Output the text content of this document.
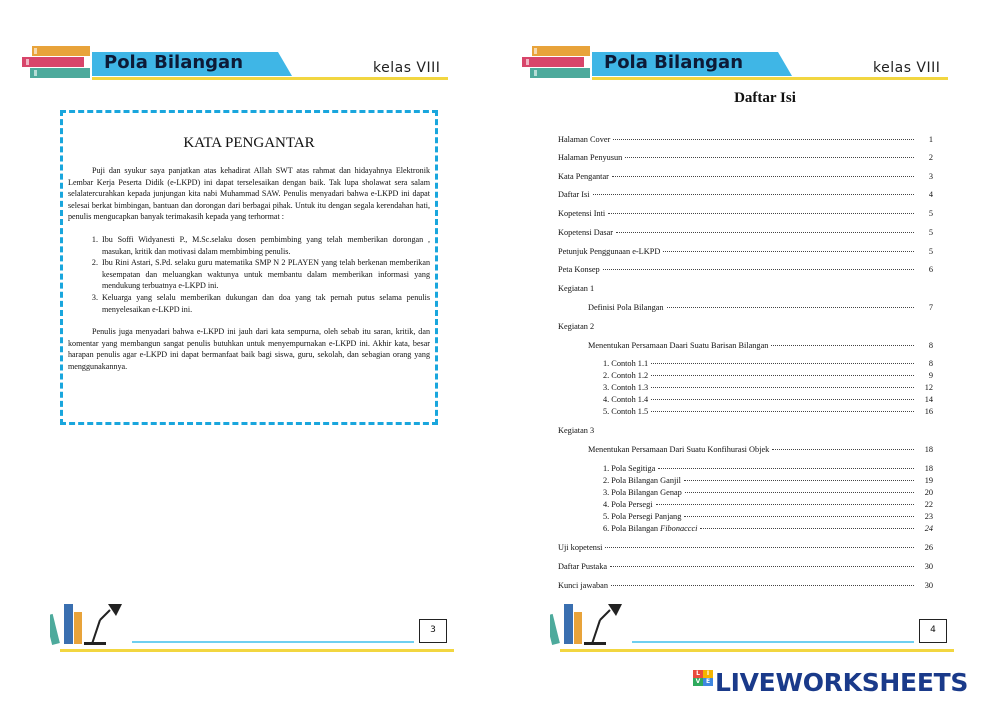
Pola Bilangan	kelas VIII
KATA PENGANTAR

Puji dan syukur saya panjatkan atas kehadirat Allah SWT atas rahmat dan hidayahnya Elektronik Lembar Kerja Peserta Didik (e-LKPD) ini dapat terselesaikan dengan baik. Tak lupa sholawat sera salam selalatercurahkan kepada junjungan kita nabi Muhammad SAW. Penulis menyadari bahwa e-LKPD ini dapat selesai berkat bimbingan, bantuan dan dorongan dari berbagai pihak. Untuk itu dengan segala kerendahan hati, penulis mengucapkan banyak terimakasih kepada yang terhormat :

1. Ibu Soffi Widyanesti P., M.Sc.selaku dosen pembimbing yang telah memberikan dorongan , masukan, kritik dan motivasi dalam membimbing penulis.
2. Ibu Rini Astari, S.Pd. selaku guru matematika SMP N 2 PLAYEN yang telah berkenan memberikan kesempatan dan meluangkan waktunya untuk membantu dalam memberikan informasi yang mendukung terbuatnya e-LKPD ini.
3. Keluarga yang selalu memberikan dukungan dan doa yang tak pernah putus selama penulis menyelesaikan e-LKPD ini.

Penulis juga menyadari bahwa e-LKPD ini jauh dari kata sempurna, oleh sebab itu saran, kritik, dan komentar yang membangun sangat penulis butuhkan untuk menyempurnakan e-LKPD ini. Akhir kata, besar harapan penulis agar e-LKPD ini dapat bermanfaat baik bagi siswa, guru, sekolah, dan sebagian orang yang menggunakannya.

3
Pola Bilangan	kelas VIII
4
Daftar Isi
Halaman Cover	1
Halaman Penyusun	2
Kata Pengantar	3
Daftar Isi	4
Kopetensi Inti	5
Kopetensi Dasar	5
Petunjuk Penggunaan e-LKPD	5
Peta Konsep	6
Kegiatan 1
Definisi Pola Bilangan	7
Kegiatan 2
Menentukan Persamaan Daari Suatu Barisan Bilangan	8
1. Contoh 1.1	8
2. Contoh 1.2	9
3. Contoh 1.3	12
4. Contoh 1.4	14
5. Contoh 1.5	16
Kegiatan 3
Menentukan Persamaan Dari Suatu Konfihurasi Objek	18
1. Pola Segitiga	18
2. Pola Bilangan Ganjil	19
3. Pola Bilangan Genap	20
4. Pola Persegi	22
5. Pola Persegi Panjang	23
6. Pola Bilangan Fibonaccci	24
Uji kopetensi	26
Daftar Pustaka	30
Kunci jawaban	30
L	I
V E LIVEWORKSHEETS
